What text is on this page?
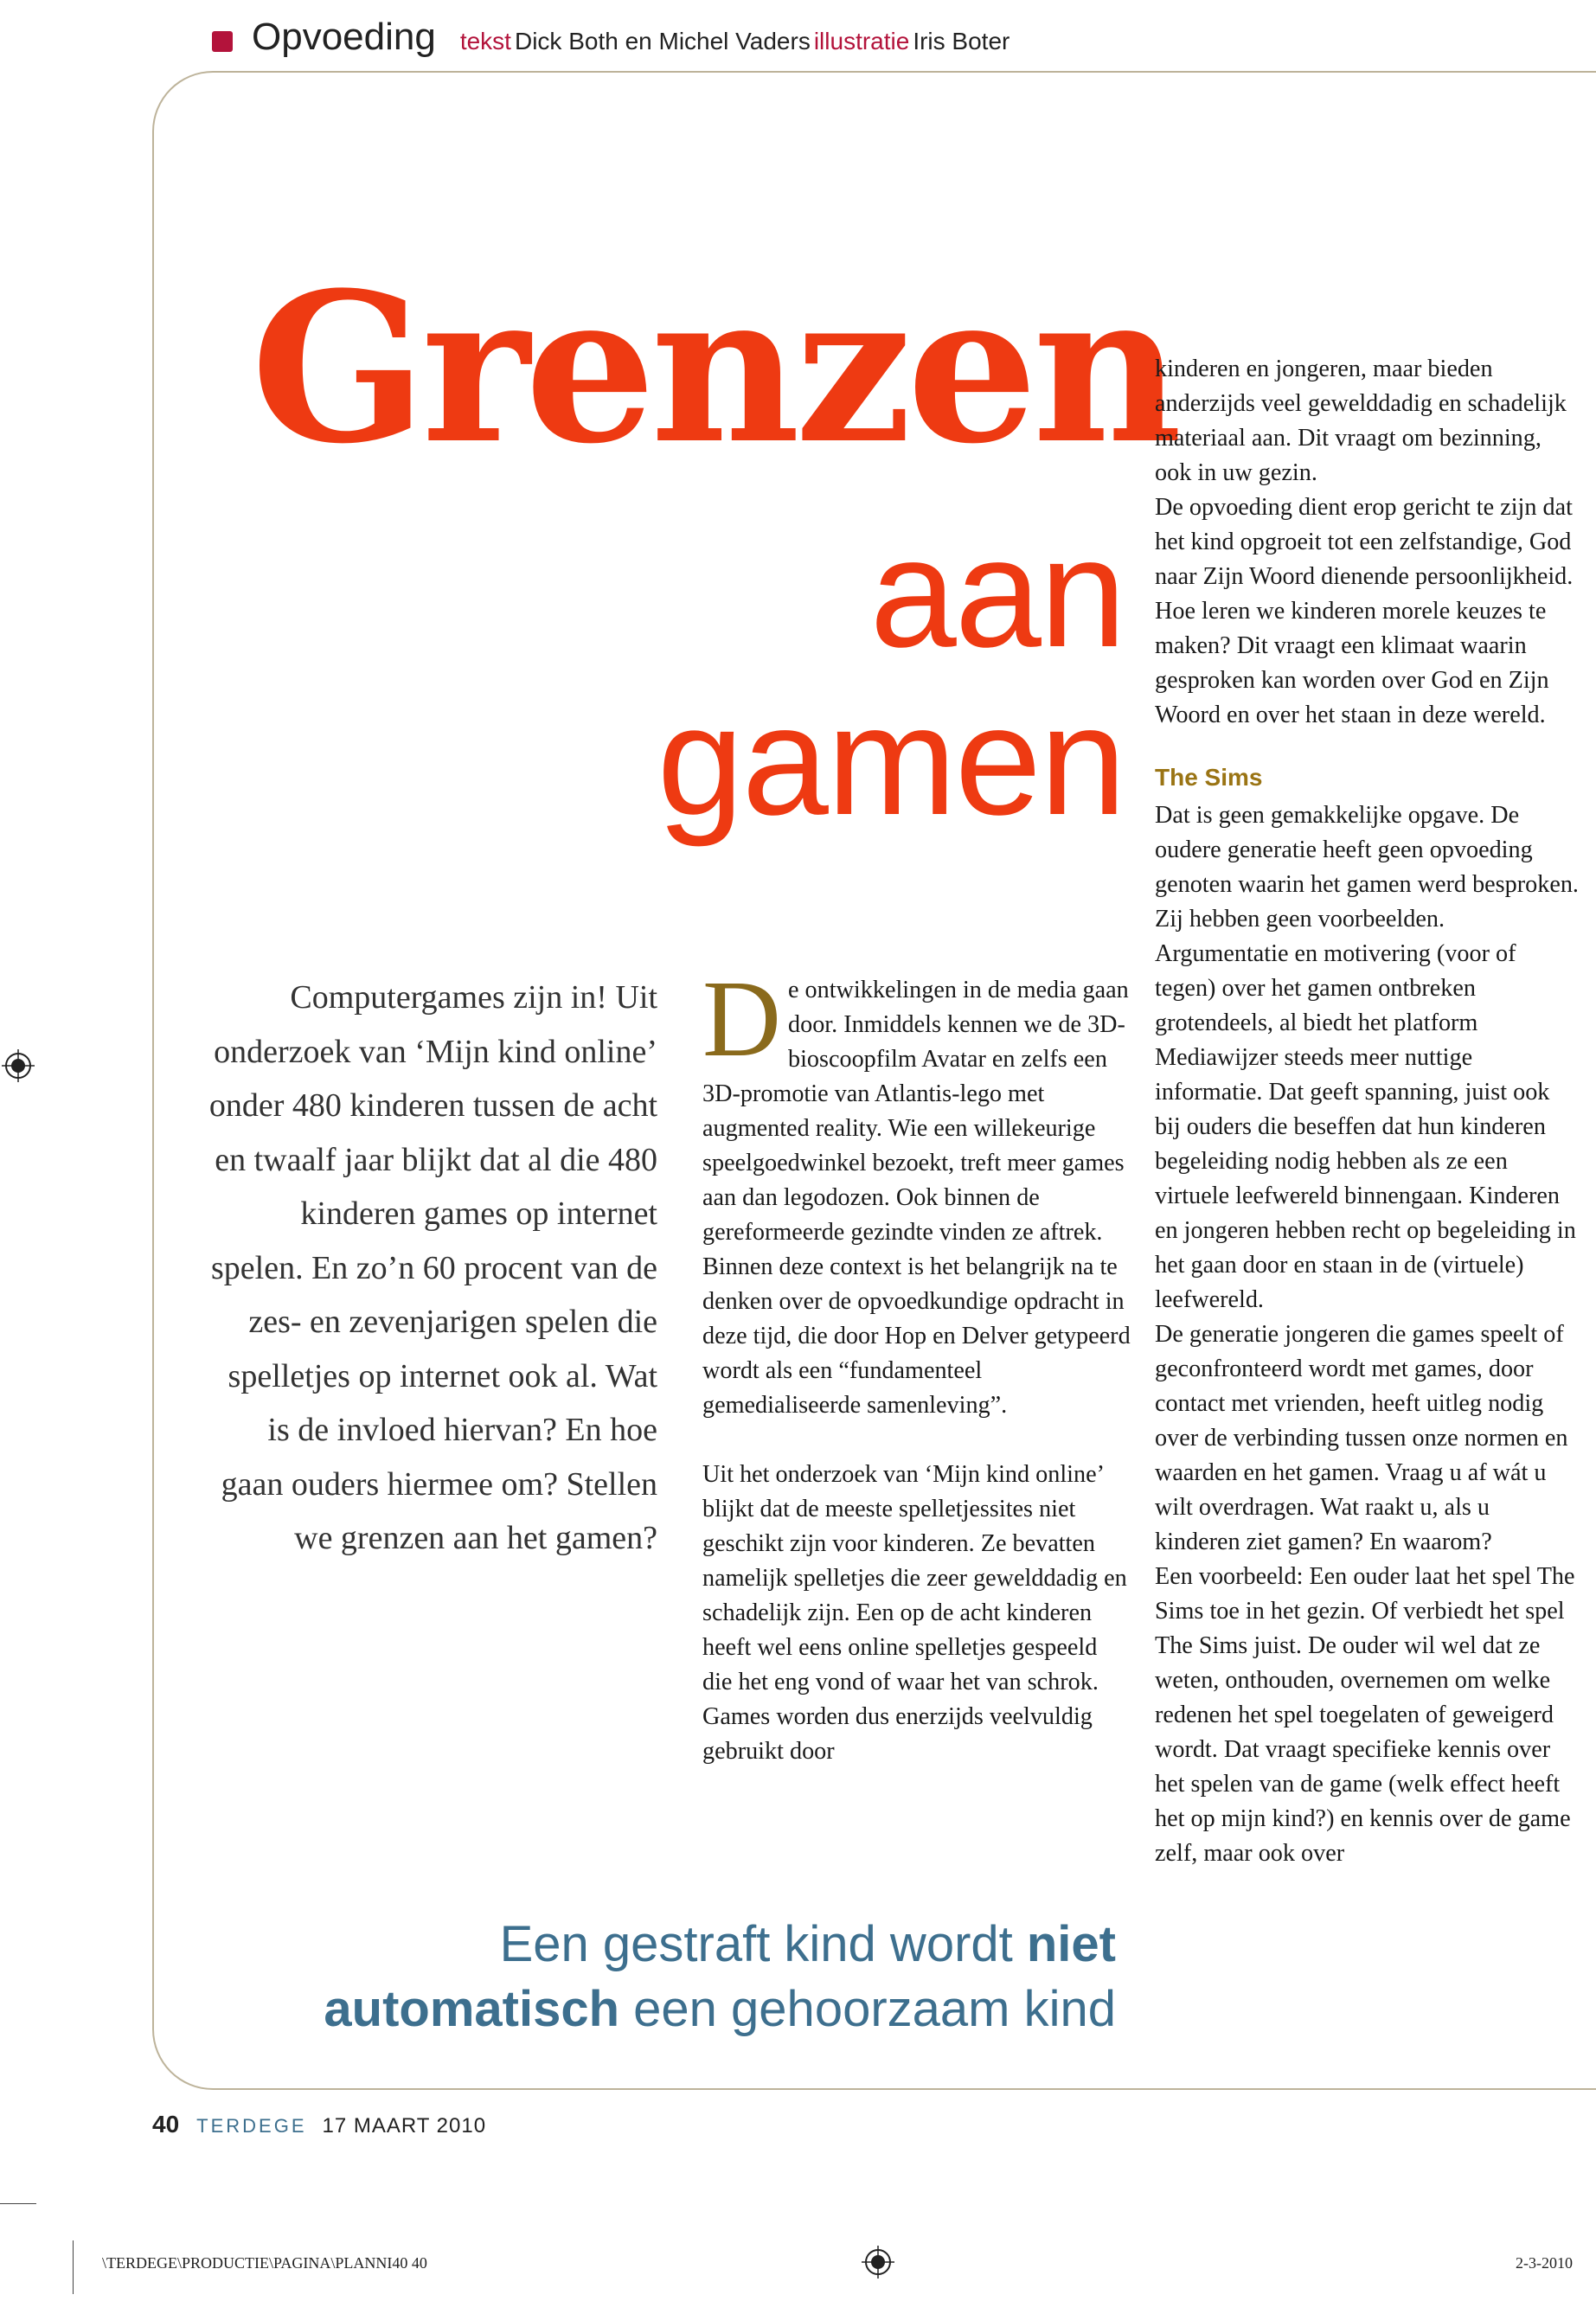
Opvoeding tekst
Dick Both en Michel Vaders
illustratie
Iris Boter
Grenzen
aan
gamen
Computergames zijn in! Uit onderzoek van ‘Mijn kind online’ onder 480 kinderen tussen de acht en twaalf jaar blijkt dat al die 480 kinderen games op internet spelen. En zo’n 60 procent van de zes- en zevenjarigen spelen die spelletjes op internet ook al. Wat is de invloed hiervan? En hoe gaan ouders hiermee om? Stellen we grenzen aan het gamen?

De ontwikkelingen in de media gaan door. Inmiddels kennen we de 3D-bioscoopfilm Avatar en zelfs een 3D-promotie van Atlantis-lego met augmented reality. Wie een willekeurige speelgoedwinkel bezoekt, treft meer games aan dan legodozen. Ook binnen de gereformeerde gezindte vinden ze aftrek. Binnen deze context is het belangrijk na te denken over de opvoedkundige opdracht in deze tijd, die door Hop en Delver getypeerd wordt als een “fundamenteel gemedialiseerde samenleving”.

Uit het onderzoek van ‘Mijn kind online’ blijkt dat de meeste spelletjessites niet geschikt zijn voor kinderen. Ze bevatten namelijk spelletjes die zeer gewelddadig en schadelijk zijn. Een op de acht kinderen heeft wel eens online spelletjes gespeeld die het eng vond of waar het van schrok. Games worden dus enerzijds veelvuldig gebruikt door

kinderen en jongeren, maar bieden anderzijds veel gewelddadig en schadelijk materiaal aan. Dit vraagt om bezinning, ook in uw gezin.

De opvoeding dient erop gericht te zijn dat het kind opgroeit tot een zelfstandige, God naar Zijn Woord dienende persoonlijkheid. Hoe leren we kinderen morele keuzes te maken? Dit vraagt een klimaat waarin gesproken kan worden over God en Zijn Woord en over het staan in deze wereld.

The Sims

Dat is geen gemakkelijke opgave. De oudere generatie heeft geen opvoeding genoten waarin het gamen werd besproken. Zij hebben geen voorbeelden. Argumentatie en motivering (voor of tegen) over het gamen ontbreken grotendeels, al biedt het platform Mediawijzer steeds meer nuttige informatie. Dat geeft spanning, juist ook bij ouders die beseffen dat hun kinderen begeleiding nodig hebben als ze een virtuele leefwereld binnengaan. Kinderen en jongeren hebben recht op begeleiding in het gaan door en staan in de (virtuele) leefwereld.

De generatie jongeren die games speelt of geconfronteerd wordt met games, door contact met vrienden, heeft uitleg nodig over de verbinding tussen onze normen en waarden en het gamen. Vraag u af wát u wilt overdragen. Wat raakt u, als u kinderen ziet gamen? En waarom?

Een voorbeeld: Een ouder laat het spel The Sims toe in het gezin. Of verbiedt het spel The Sims juist. De ouder wil wel dat ze weten, onthouden, overnemen om welke redenen het spel toegelaten of geweigerd wordt. Dat vraagt specifieke kennis over het spelen van de game (welk effect heeft het op mijn kind?) en kennis over de game zelf, maar ook over

Een gestraft kind wordt niet
automatisch een gehoorzaam kind
40 TERDEGE 17 MAART 2010
\TERDEGE\PRODUCTIE\PAGINA\PLANNI40 40	2-3-2010
